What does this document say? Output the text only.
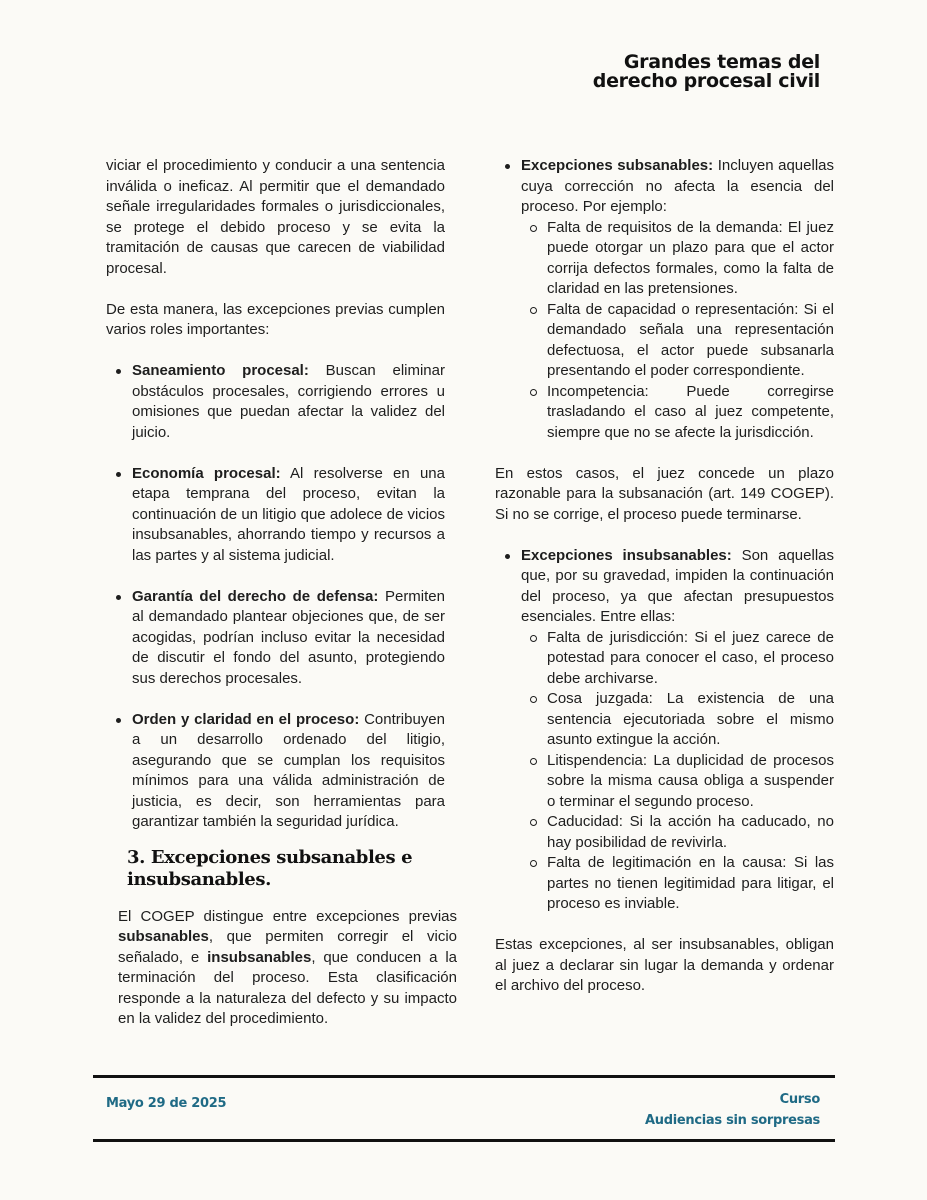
Grandes temas del
derecho procesal civil

viciar el procedimiento y conducir a una sentencia inválida o ineficaz. Al permitir que el demandado señale irregularidades formales o jurisdiccionales, se protege el debido proceso y se evita la tramitación de causas que carecen de viabilidad procesal.

De esta manera, las excepciones previas cumplen varios roles importantes:

Saneamiento procesal: Buscan eliminar obstáculos procesales, corrigiendo errores u omisiones que puedan afectar la validez del juicio.
Economía procesal: Al resolverse en una etapa temprana del proceso, evitan la continuación de un litigio que adolece de vicios insubsanables, ahorrando tiempo y recursos a las partes y al sistema judicial.
Garantía del derecho de defensa: Permiten al demandado plantear objeciones que, de ser acogidas, podrían incluso evitar la necesidad de discutir el fondo del asunto, protegiendo sus derechos procesales.
Orden y claridad en el proceso: Contribuyen a un desarrollo ordenado del litigio, asegurando que se cumplan los requisitos mínimos para una válida administración de justicia, es decir, son herramientas para garantizar también la seguridad jurídica.
3. Excepciones subsanables e insubsanables.

El COGEP distingue entre excepciones previas subsanables, que permiten corregir el vicio señalado, e insubsanables, que conducen a la terminación del proceso. Esta clasificación responde a la naturaleza del defecto y su impacto en la validez del procedimiento.

Excepciones subsanables: Incluyen aquellas cuya corrección no afecta la esencia del proceso. Por ejemplo:
Falta de requisitos de la demanda: El juez puede otorgar un plazo para que el actor corrija defectos formales, como la falta de claridad en las pretensiones.
Falta de capacidad o representación: Si el demandado señala una representación defectuosa, el actor puede subsanarla presentando el poder correspondiente.
Incompetencia: Puede corregirse trasladando el caso al juez competente, siempre que no se afecte la jurisdicción.

En estos casos, el juez concede un plazo razonable para la subsanación (art. 149 COGEP). Si no se corrige, el proceso puede terminarse.

Excepciones insubsanables: Son aquellas que, por su gravedad, impiden la continuación del proceso, ya que afectan presupuestos esenciales. Entre ellas:
Falta de jurisdicción: Si el juez carece de potestad para conocer el caso, el proceso debe archivarse.
Cosa juzgada: La existencia de una sentencia ejecutoriada sobre el mismo asunto extingue la acción.
Litispendencia: La duplicidad de procesos sobre la misma causa obliga a suspender o terminar el segundo proceso.
Caducidad: Si la acción ha caducado, no hay posibilidad de revivirla.
Falta de legitimación en la causa: Si las partes no tienen legitimidad para litigar, el proceso es inviable.

Estas excepciones, al ser insubsanables, obligan al juez a declarar sin lugar la demanda y ordenar el archivo del proceso.

Mayo 29 de 2025	Curso
Audiencias sin sorpresas
